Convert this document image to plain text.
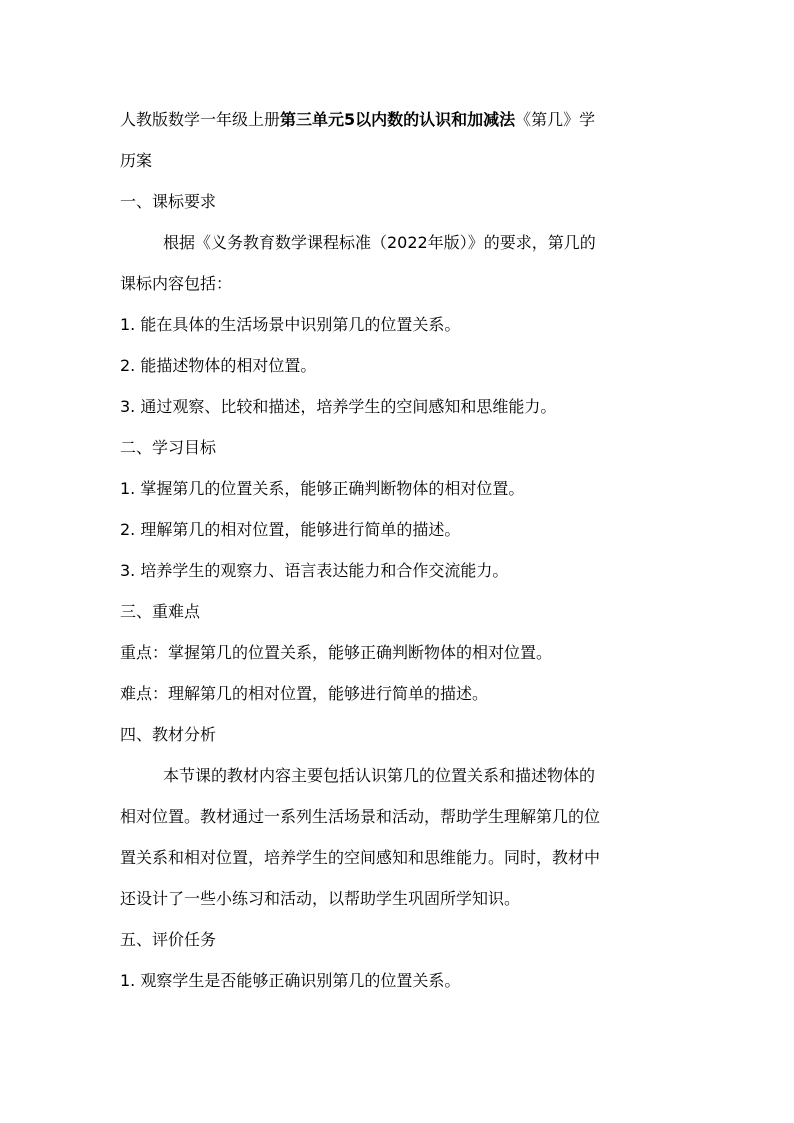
人教版数学一年级上册第三单元5以内数的认识和加减法《第几》学
历案
一、课标要求
根据《义务教育数学课程标准（2022年版）》的要求，第几的
课标内容包括：
1. 能在具体的生活场景中识别第几的位置关系。
2. 能描述物体的相对位置。
3. 通过观察、比较和描述，培养学生的空间感知和思维能力。
二、学习目标
1. 掌握第几的位置关系，能够正确判断物体的相对位置。
2. 理解第几的相对位置，能够进行简单的描述。
3. 培养学生的观察力、语言表达能力和合作交流能力。
三、重难点
重点：掌握第几的位置关系，能够正确判断物体的相对位置。
难点：理解第几的相对位置，能够进行简单的描述。
四、教材分析
本节课的教材内容主要包括认识第几的位置关系和描述物体的
相对位置。教材通过一系列生活场景和活动，帮助学生理解第几的位
置关系和相对位置，培养学生的空间感知和思维能力。同时，教材中
还设计了一些小练习和活动，以帮助学生巩固所学知识。
五、评价任务
1. 观察学生是否能够正确识别第几的位置关系。
